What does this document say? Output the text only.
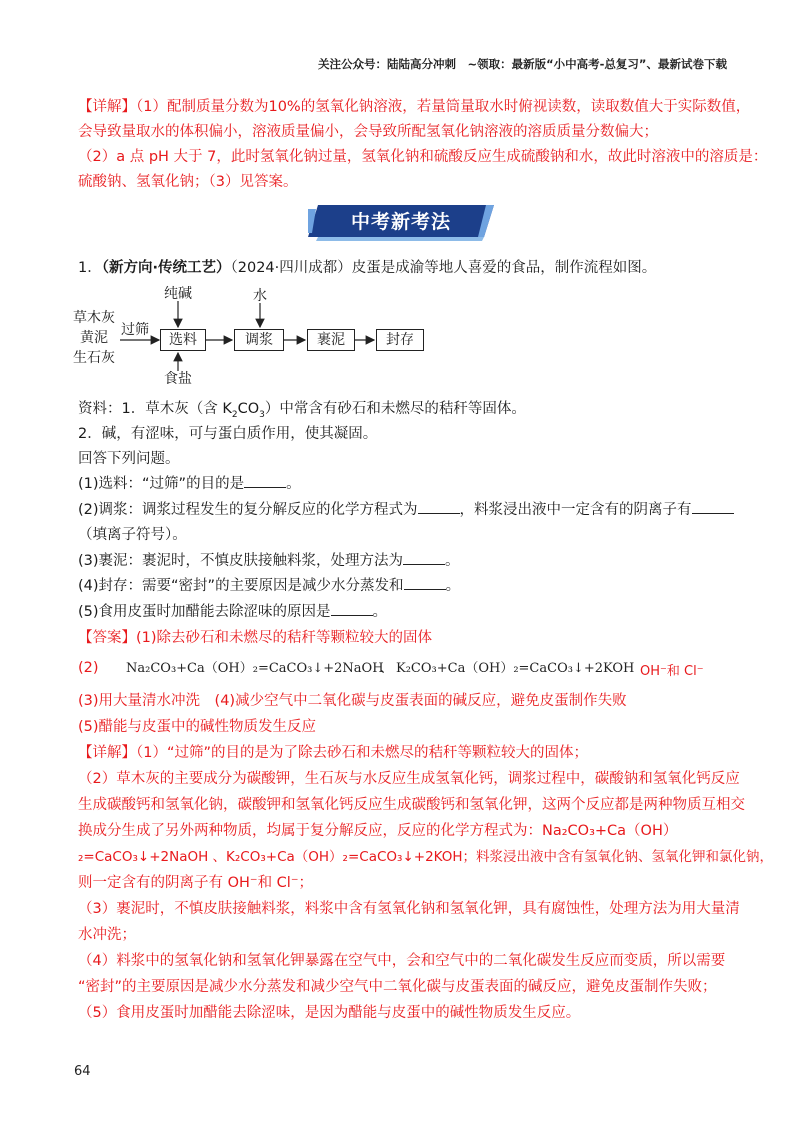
关注公众号：陆陆高分冲刺　~领取：最新版“小中高考-总复习”、最新试卷下载
【详解】（1）配制质量分数为10%的氢氧化钠溶液，若量筒量取水时俯视读数，读取数值大于实际数值，
会导致量取水的体积偏小，溶液质量偏小，会导致所配氢氧化钠溶液的溶质质量分数偏大；
（2）a 点 pH 大于 7，此时氢氧化钠过量，氢氧化钠和硫酸反应生成硫酸钠和水，故此时溶液中的溶质是：
硫酸钠、氢氧化钠；（3）见答案。
中考新考法
1．（新方向·传统工艺）（2024·四川成都）皮蛋是成渝等地人喜爱的食品，制作流程如图。
草木灰
黄泥
生石灰
过筛
纯碱
食盐
水
选料	调浆	裹泥	封存
资料：1．草木灰（含 $K_2CO_3$）中常含有砂石和未燃尽的秸秆等固体。
2．碱，有涩味，可与蛋白质作用，使其凝固。
回答下列问题。
(1)选料：“过筛”的目的是	。
(2)调浆：调浆过程发生的复分解反应的化学方程式为	，料浆浸出液中一定含有的阴离子有
（填离子符号）。
(3)裹泥：裹泥时，不慎皮肤接触料浆，处理方法为	。
(4)封存：需要“密封”的主要原因是减少水分蒸发和	。
(5)食用皮蛋时加醋能去除涩味的原因是	。
【答案】(1)除去砂石和未燃尽的秸秆等颗粒较大的固体
(2) Na₂CO₃+Ca（OH）₂=CaCO₃↓+2NaOH
、 K₂CO₃+Ca（OH）₂=CaCO₃↓+2KOH OH⁻和 Cl⁻
(3)用大量清水冲洗　(4)减少空气中二氧化碳与皮蛋表面的碱反应，避免皮蛋制作失败
(5)醋能与皮蛋中的碱性物质发生反应
【详解】（1）“过筛”的目的是为了除去砂石和未燃尽的秸秆等颗粒较大的固体；
（2）草木灰的主要成分为碳酸钾，生石灰与水反应生成氢氧化钙，调浆过程中，碳酸钠和氢氧化钙反应
生成碳酸钙和氢氧化钠，碳酸钾和氢氧化钙反应生成碳酸钙和氢氧化钾，这两个反应都是两种物质互相交
换成分生成了另外两种物质，均属于复分解反应，反应的化学方程式为：Na₂CO₃+Ca（OH）
₂=CaCO₃↓+2NaOH 、K₂CO₃+Ca（OH）₂=CaCO₃↓+2KOH；料浆浸出液中含有氢氧化钠、氢氧化钾和氯化钠，
则一定含有的阴离子有 OH⁻和 Cl⁻；
（3）裹泥时，不慎皮肤接触料浆，料浆中含有氢氧化钠和氢氧化钾，具有腐蚀性，处理方法为用大量清
水冲洗；
（4）料浆中的氢氧化钠和氢氧化钾暴露在空气中，会和空气中的二氧化碳发生反应而变质，所以需要
“密封”的主要原因是减少水分蒸发和减少空气中二氧化碳与皮蛋表面的碱反应，避免皮蛋制作失败；
（5）食用皮蛋时加醋能去除涩味，是因为醋能与皮蛋中的碱性物质发生反应。
64
